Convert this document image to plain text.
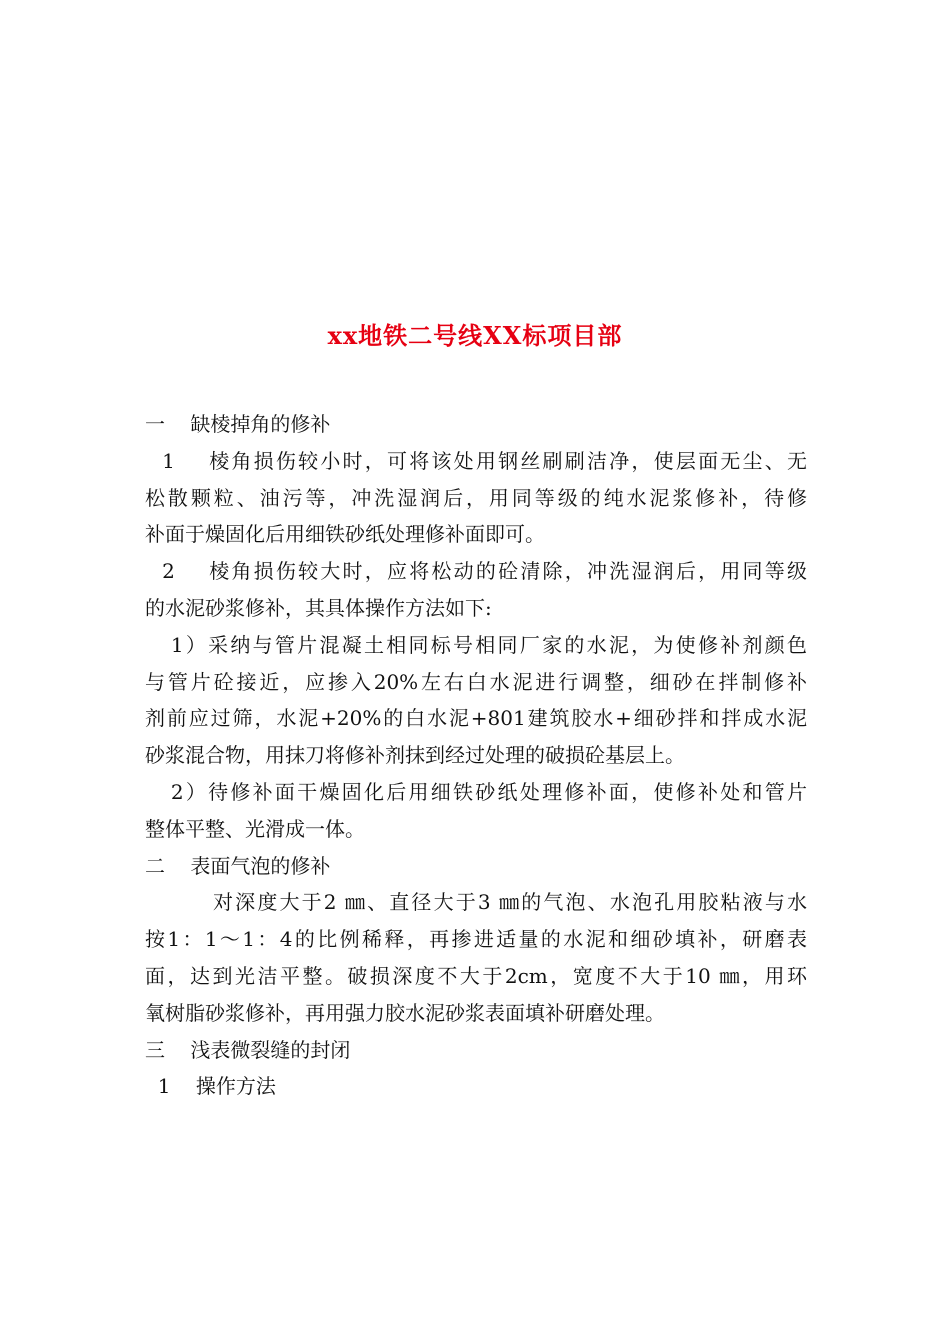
xx地铁二号线XX标项目部
一    缺棱掉角的修补
1    棱角损伤较小时，可将该处用钢丝刷刷洁净，使层面无尘、无
松散颗粒、油污等，冲洗湿润后，用同等级的纯水泥浆修补，待修
补面于燥固化后用细铁砂纸处理修补面即可。
2    棱角损伤较大时，应将松动的砼清除，冲洗湿润后，用同等级
的水泥砂浆修补，其具体操作方法如下:
1）采纳与管片混凝土相同标号相同厂家的水泥，为使修补剂颜色
与管片砼接近，应掺入20%左右白水泥进行调整，细砂在拌制修补
剂前应过筛，水泥+20%的白水泥+801建筑胶水+细砂拌和拌成水泥
砂浆混合物，用抹刀将修补剂抹到经过处理的破损砼基层上。
2）待修补面干燥固化后用细铁砂纸处理修补面，使修补处和管片
整体平整、光滑成一体。
二    表面气泡的修补
对深度大于2 ㎜、直径大于3 ㎜的气泡、水泡孔用胶粘液与水
按1：1～1：4的比例稀释，再掺进适量的水泥和细砂填补，研磨表
面，达到光洁平整。破损深度不大于2cm，宽度不大于10 ㎜，用环
氧树脂砂浆修补，再用强力胶水泥砂浆表面填补研磨处理。
三    浅表微裂缝的封闭
1    操作方法
